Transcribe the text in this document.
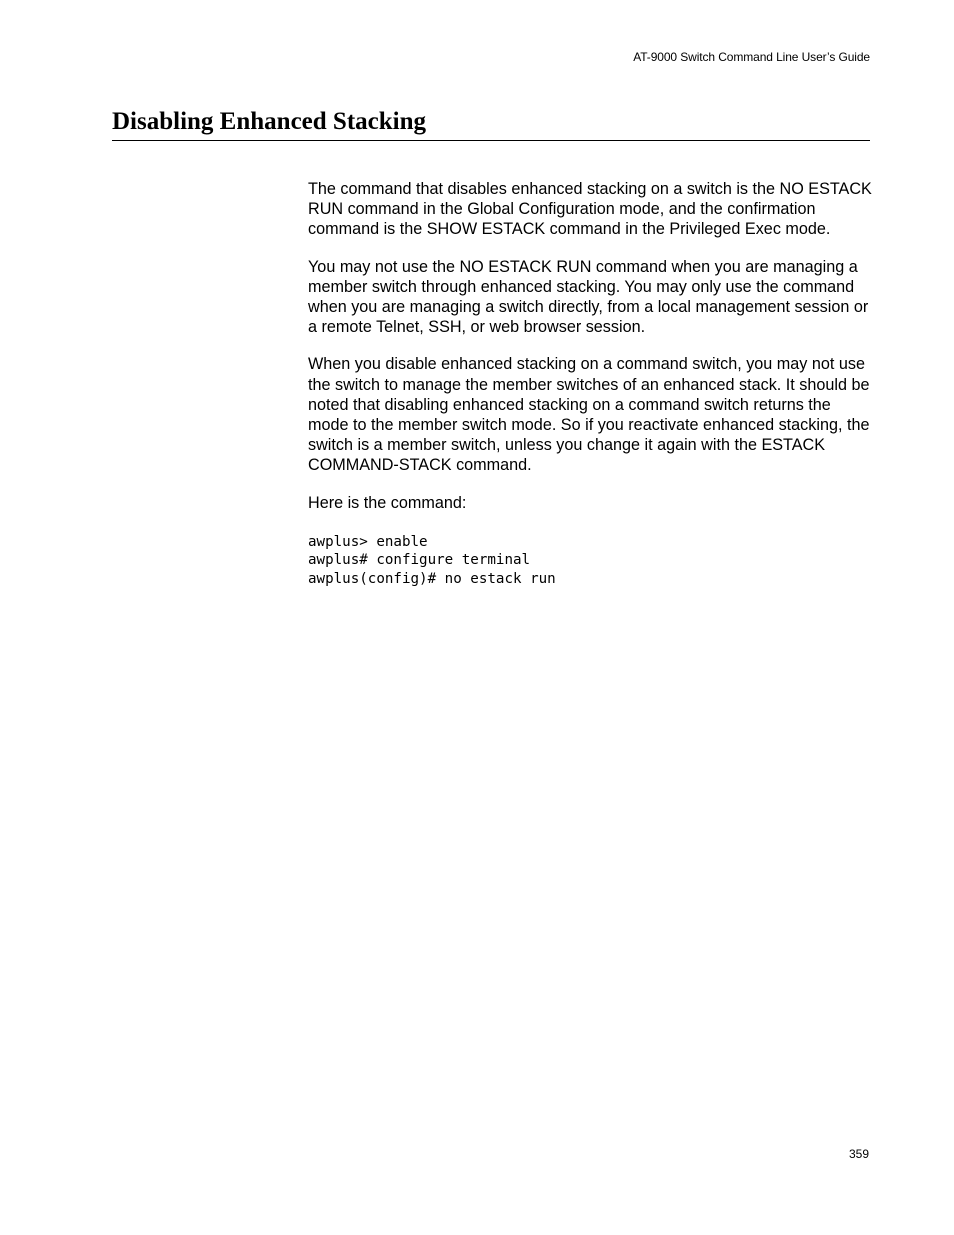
AT-9000 Switch Command Line User’s Guide
Disabling Enhanced Stacking

The command that disables enhanced stacking on a switch is the NO ESTACK RUN command in the Global Configuration mode, and the confirmation command is the SHOW ESTACK command in the Privileged Exec mode.

You may not use the NO ESTACK RUN command when you are managing a member switch through enhanced stacking. You may only use the command when you are managing a switch directly, from a local management session or a remote Telnet, SSH, or web browser session.

When you disable enhanced stacking on a command switch, you may not use the switch to manage the member switches of an enhanced stack. It should be noted that disabling enhanced stacking on a command switch returns the mode to the member switch mode. So if you reactivate enhanced stacking, the switch is a member switch, unless you change it again with the ESTACK COMMAND-STACK command.

Here is the command:

awplus> enable
awplus# configure terminal
awplus(config)# no estack run
359
